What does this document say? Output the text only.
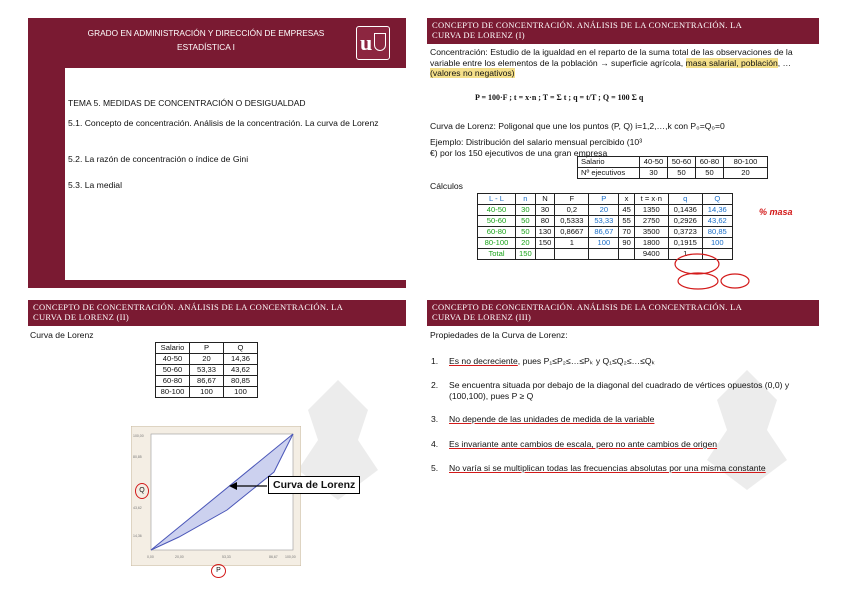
GRADO EN ADMINISTRACIÓN Y DIRECCIÓN DE EMPRESAS
ESTADÍSTICA I	u
TEMA 5. MEDIDAS DE CONCENTRACIÓN O DESIGUALDAD
5.1. Concepto de concentración. Análisis de la concentración. La curva de Lorenz
5.2. La razón de concentración o índice de Gini
5.3. La medial
CONCEPTO DE CONCENTRACIÓN. ANÁLISIS DE LA CONCENTRACIÓN. LA
CURVA DE LORENZ (I)
Concentración: Estudio de la igualdad en el reparto de la suma total de las observaciones de la variable entre los elementos de la población → superficie agrícola, masa salarial, población, … (valores no negativos)
P = 100·F ; t = x·n ; T = Σ t ; q = t/T ; Q = 100 Σ q
Curva de Lorenz: Poligonal que une los puntos (P, Q) i=1,2,…,k con P₀=Q₀=0
Ejemplo: Distribución del salario mensual percibido (10³ €) por los 150 ejecutivos de una gran empresa
Cálculos
Salario	40-50	50-60	60-80	80-100
Nº ejecutivos	30	50	50	20
L - L	n	N	F	P	x	t = x·n	q	Q
40-50	30	30	0,2	20	45	1350	0,1436	14,36
50-60	50	80	0,5333	53,33	55	2750	0,2926	43,62
60-80	50	130	0,8667	86,67	70	3500	0,3723	80,85
80-100	20	150	1	100	90	1800	0,1915	100
Total	150					9400	1	
% masa
CONCEPTO DE CONCENTRACIÓN. ANÁLISIS DE LA CONCENTRACIÓN. LA
CURVA DE LORENZ (II)
Curva de Lorenz
Salario	P	Q
40-50	20	14,36
50-60	53,33	43,62
60-80	86,67	80,85
80-100	100	100
100,00
80,85
43,62
14,36
0,00	20,00	53,33	86,67 100,00
Curva de Lorenz
Q
P
CONCEPTO DE CONCENTRACIÓN. ANÁLISIS DE LA CONCENTRACIÓN. LA
CURVA DE LORENZ (III)
Propiedades de la Curva de Lorenz:
1. Es no decreciente, pues P₁≤P₂≤…≤Pₖ y Q₁≤Q₂≤…≤Qₖ
2.	Se encuentra situada por debajo de la diagonal del cuadrado de vértices opuestos (0,0) y (100,100), pues P ≥ Q
3. No depende de las unidades de medida de la variable
4. Es invariante ante cambios de escala, pero no ante cambios de origen
5.	No varía si se multiplican todas las frecuencias absolutas por una misma constante
